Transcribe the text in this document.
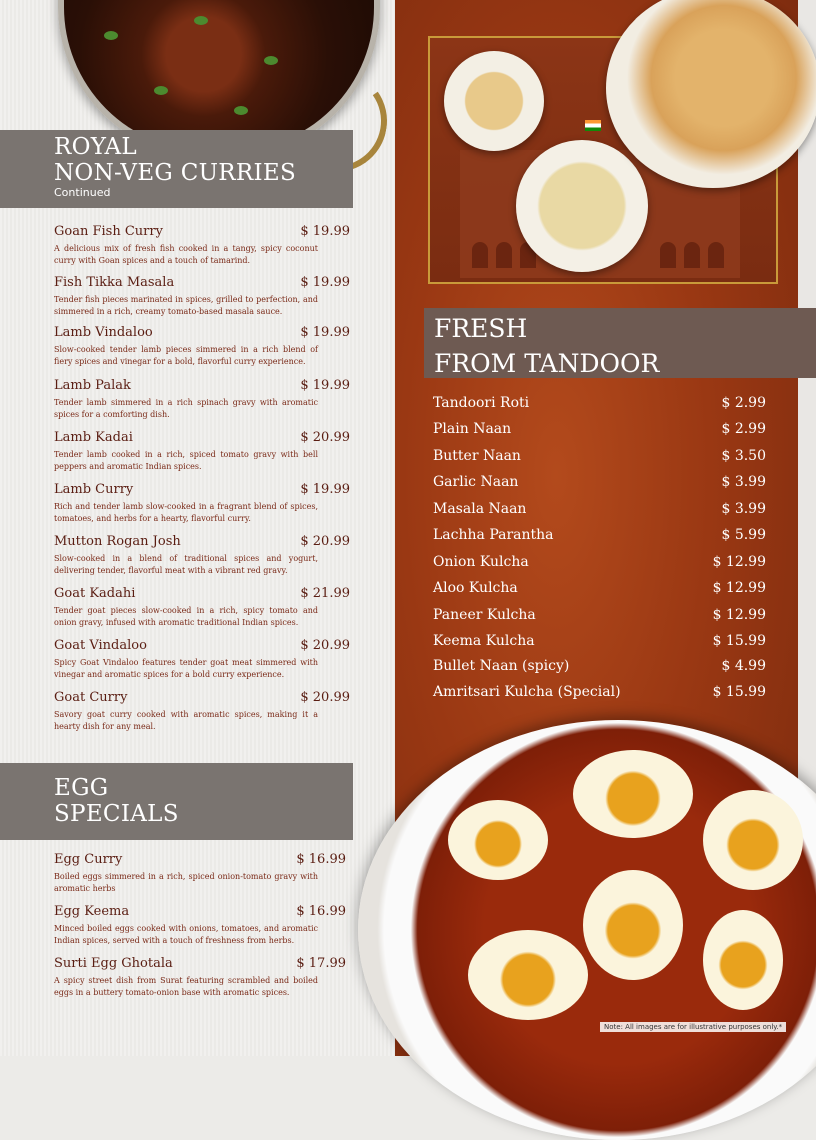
ROYAL
NON-VEG CURRIES
Continued
Goan Fish Curry	$ 19.99
A delicious mix of fresh fish cooked in a tangy, spicy coconut curry with Goan spices and a touch of tamarind.
Fish Tikka Masala	$ 19.99
Tender fish pieces marinated in spices, grilled to perfection, and simmered in a rich, creamy tomato-based masala sauce.
Lamb Vindaloo	$ 19.99
Slow-cooked tender lamb pieces simmered in a rich blend of fiery spices and vinegar for a bold, flavorful curry experience.
Lamb Palak	$ 19.99
Tender lamb simmered in a rich spinach gravy with aromatic spices for a comforting dish.
Lamb Kadai	$ 20.99
Tender lamb cooked in a rich, spiced tomato gravy with bell peppers and aromatic Indian spices.
Lamb Curry	$ 19.99
Rich and tender lamb slow-cooked in a fragrant blend of spices, tomatoes, and herbs for a hearty, flavorful curry.
Mutton Rogan Josh	$ 20.99
Slow-cooked in a blend of traditional spices and yogurt, delivering tender, flavorful meat with a vibrant red gravy.
Goat Kadahi	$ 21.99
Tender goat pieces slow-cooked in a rich, spicy tomato and onion gravy, infused with aromatic traditional Indian spices.
Goat Vindaloo	$ 20.99
Spicy Goat Vindaloo features tender goat meat simmered with vinegar and aromatic spices for a bold curry experience.
Goat Curry	$ 20.99
Savory goat curry cooked with aromatic spices, making it a hearty dish for any meal.
EGG
SPECIALS
Egg Curry	$ 16.99
Boiled eggs simmered in a rich, spiced onion-tomato gravy with aromatic herbs
Egg Keema	$ 16.99
Minced boiled eggs cooked with onions, tomatoes, and aromatic Indian spices, served with a touch of freshness from herbs.
Surti Egg Ghotala	$ 17.99
A spicy street dish from Surat featuring scrambled and boiled eggs in a buttery tomato-onion base with aromatic spices.
FRESH
FROM TANDOOR
Tandoori Roti	$ 2.99
Plain Naan	$ 2.99
Butter Naan	$ 3.50
Garlic Naan	$ 3.99
Masala Naan	$ 3.99
Lachha Parantha	$ 5.99
Onion Kulcha	$ 12.99
Aloo Kulcha	$ 12.99
Paneer Kulcha	$ 12.99
Keema Kulcha	$ 15.99
Bullet Naan (spicy)	$ 4.99
Amritsari Kulcha (Special)	$ 15.99
Note: All images are for illustrative purposes only.*
